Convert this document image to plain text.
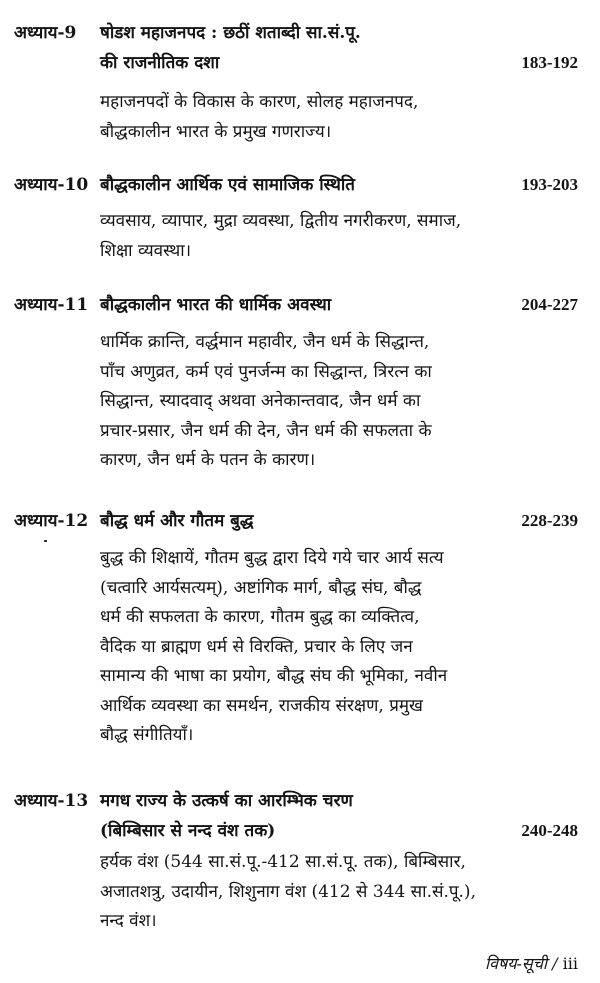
अध्याय-9 षोडश महाजनपद : छठीं शताब्दी सा.सं.पू.
की राजनीतिक दशा	183-192
महाजनपदों के विकास के कारण, सोलह महाजनपद,
बौद्धकालीन भारत के प्रमुख गणराज्य।
अध्याय-10 बौद्धकालीन आर्थिक एवं सामाजिक स्थिति	193-203
व्यवसाय, व्यापार, मुद्रा व्यवस्था, द्वितीय नगरीकरण, समाज,
शिक्षा व्यवस्था।
अध्याय-11 बौद्धकालीन भारत की धार्मिक अवस्था	204-227
धार्मिक क्रान्ति, वर्द्धमान महावीर, जैन धर्म के सिद्धान्त,
पाँच अणुव्रत, कर्म एवं पुनर्जन्म का सिद्धान्त, त्रिरत्न का
सिद्धान्त, स्यादवाद् अथवा अनेकान्तवाद, जैन धर्म का
प्रचार-प्रसार, जैन धर्म की देन, जैन धर्म की सफलता के
कारण, जैन धर्म के पतन के कारण।
अध्याय-12 बौद्ध धर्म और गौतम बुद्ध	228-239
बुद्ध की शिक्षायें, गौतम बुद्ध द्वारा दिये गये चार आर्य सत्य
(चत्वारि आर्यसत्यम्), अष्टांगिक मार्ग, बौद्ध संघ, बौद्ध
धर्म की सफलता के कारण, गौतम बुद्ध का व्यक्तित्व,
वैदिक या ब्राह्मण धर्म से विरक्ति, प्रचार के लिए जन
सामान्य की भाषा का प्रयोग, बौद्ध संघ की भूमिका, नवीन
आर्थिक व्यवस्था का समर्थन, राजकीय संरक्षण, प्रमुख
बौद्ध संगीतियाँ।
अध्याय-13 मगध राज्य के उत्कर्ष का आरम्भिक चरण
(बिम्बिसार से नन्द वंश तक)	240-248
हर्यक वंश (544 सा.सं.पू.-412 सा.सं.पू. तक), बिम्बिसार,
अजातशत्रु, उदायीन, शिशुनाग वंश (412 से 344 सा.सं.पू.),
नन्द वंश।
विषय-सूची / iii
